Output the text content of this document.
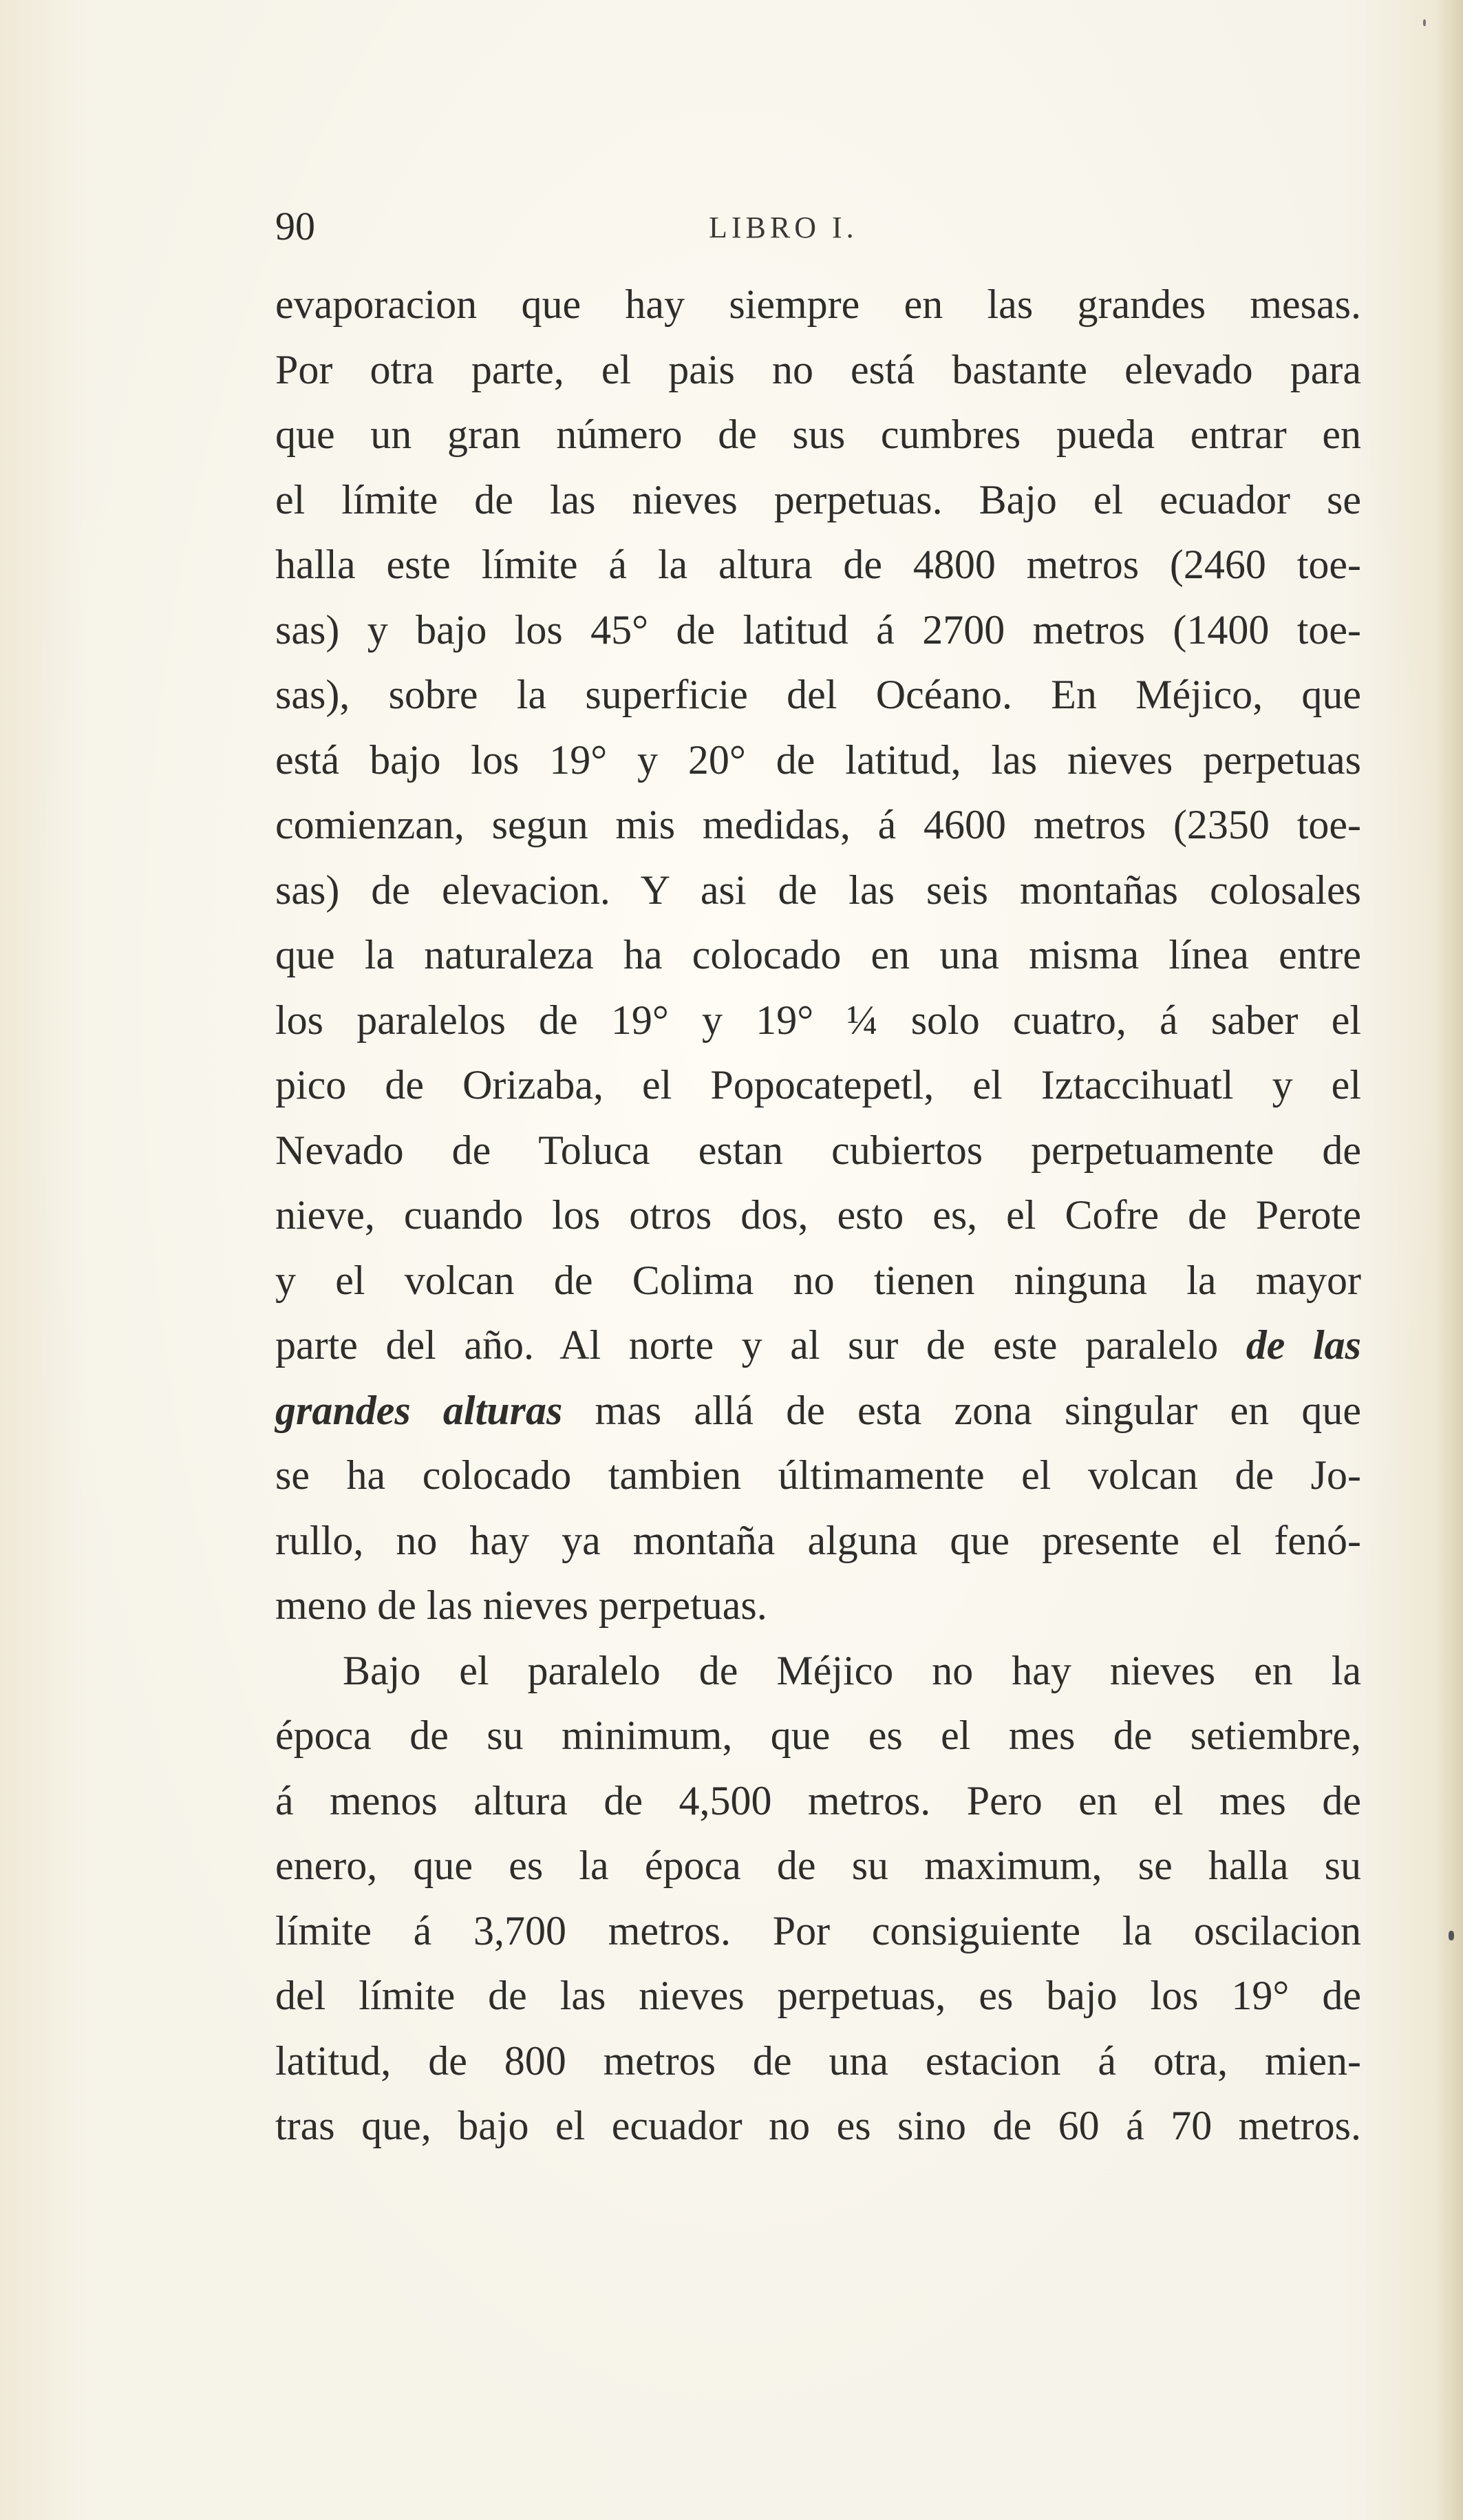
90	LIBRO I.
evaporacion que hay siempre en las grandes mesas.
Por otra parte, el pais no está bastante elevado para
que un gran número de sus cumbres pueda entrar en
el límite de las nieves perpetuas. Bajo el ecuador se
halla este límite á la altura de 4800 metros (2460 toe-
sas) y bajo los 45° de latitud á 2700 metros (1400 toe-
sas), sobre la superficie del Océano. En Méjico, que
está bajo los 19° y 20° de latitud, las nieves perpetuas
comienzan, segun mis medidas, á 4600 metros (2350 toe-
sas) de elevacion. Y asi de las seis montañas colosales
que la naturaleza ha colocado en una misma línea entre
los paralelos de 19° y 19° ¼ solo cuatro, á saber el
pico de Orizaba, el Popocatepetl, el Iztaccihuatl y el
Nevado de Toluca estan cubiertos perpetuamente de
nieve, cuando los otros dos, esto es, el Cofre de Perote
y el volcan de Colima no tienen ninguna la mayor
parte del año. Al norte y al sur de este paralelo de las
grandes alturas mas allá de esta zona singular en que
se ha colocado tambien últimamente el volcan de Jo-
rullo, no hay ya montaña alguna que presente el fenó-
meno de las nieves perpetuas.
Bajo el paralelo de Méjico no hay nieves en la
época de su minimum, que es el mes de setiembre,
á menos altura de 4,500 metros. Pero en el mes de
enero, que es la época de su maximum, se halla su
límite á 3,700 metros. Por consiguiente la oscilacion
del límite de las nieves perpetuas, es bajo los 19° de
latitud, de 800 metros de una estacion á otra, mien-
tras que, bajo el ecuador no es sino de 60 á 70 metros.
